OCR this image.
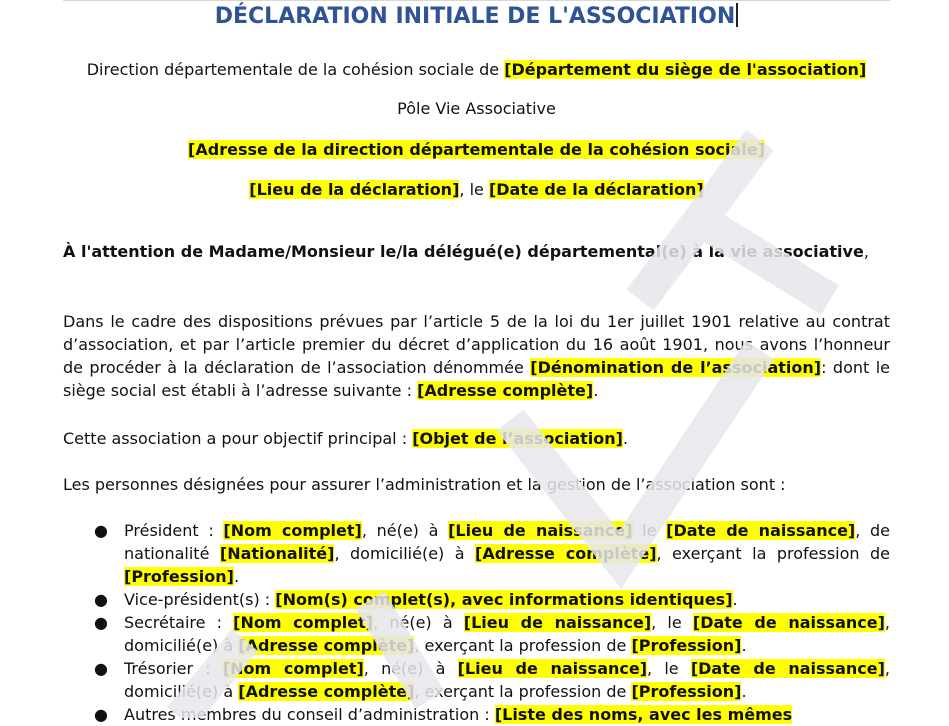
DÉCLARATION INITIALE DE L'ASSOCIATION

Direction départementale de la cohésion sociale de [Département du siège de l'association]

Pôle Vie Associative

[Adresse de la direction départementale de la cohésion sociale]

[Lieu de la déclaration], le [Date de la déclaration]

À l'attention de Madame/Monsieur le/la délégué(e) départemental(e) à la vie associative,

Dans le cadre des dispositions prévues par l’article 5 de la loi du 1er juillet 1901 relative au contrat d’association, et par l’article premier du décret d’application du 16 août 1901, nous avons l’honneur de procéder à la déclaration de l’association dénommée [Dénomination de l’association]: dont le siège social est établi à l’adresse suivante : [Adresse complète].

Cette association a pour objectif principal : [Objet de l’association].

Les personnes désignées pour assurer l’administration et la gestion de l’association sont :

● Président : [Nom complet], né(e) à [Lieu de naissance] le [Date de naissance], de nationalité [Nationalité], domicilié(e) à [Adresse complète], exerçant la profession de [Profession].
● Vice-président(s) : [Nom(s) complet(s), avec informations identiques].
● Secrétaire : [Nom complet], né(e) à [Lieu de naissance], le [Date de naissance], domicilié(e) à [Adresse complète], exerçant la profession de [Profession].
● Trésorier : [Nom complet], né(e) à [Lieu de naissance], le [Date de naissance], domicilié(e) à [Adresse complète], exerçant la profession de [Profession].
● Autres membres du conseil d’administration : [Liste des noms, avec les mêmes
